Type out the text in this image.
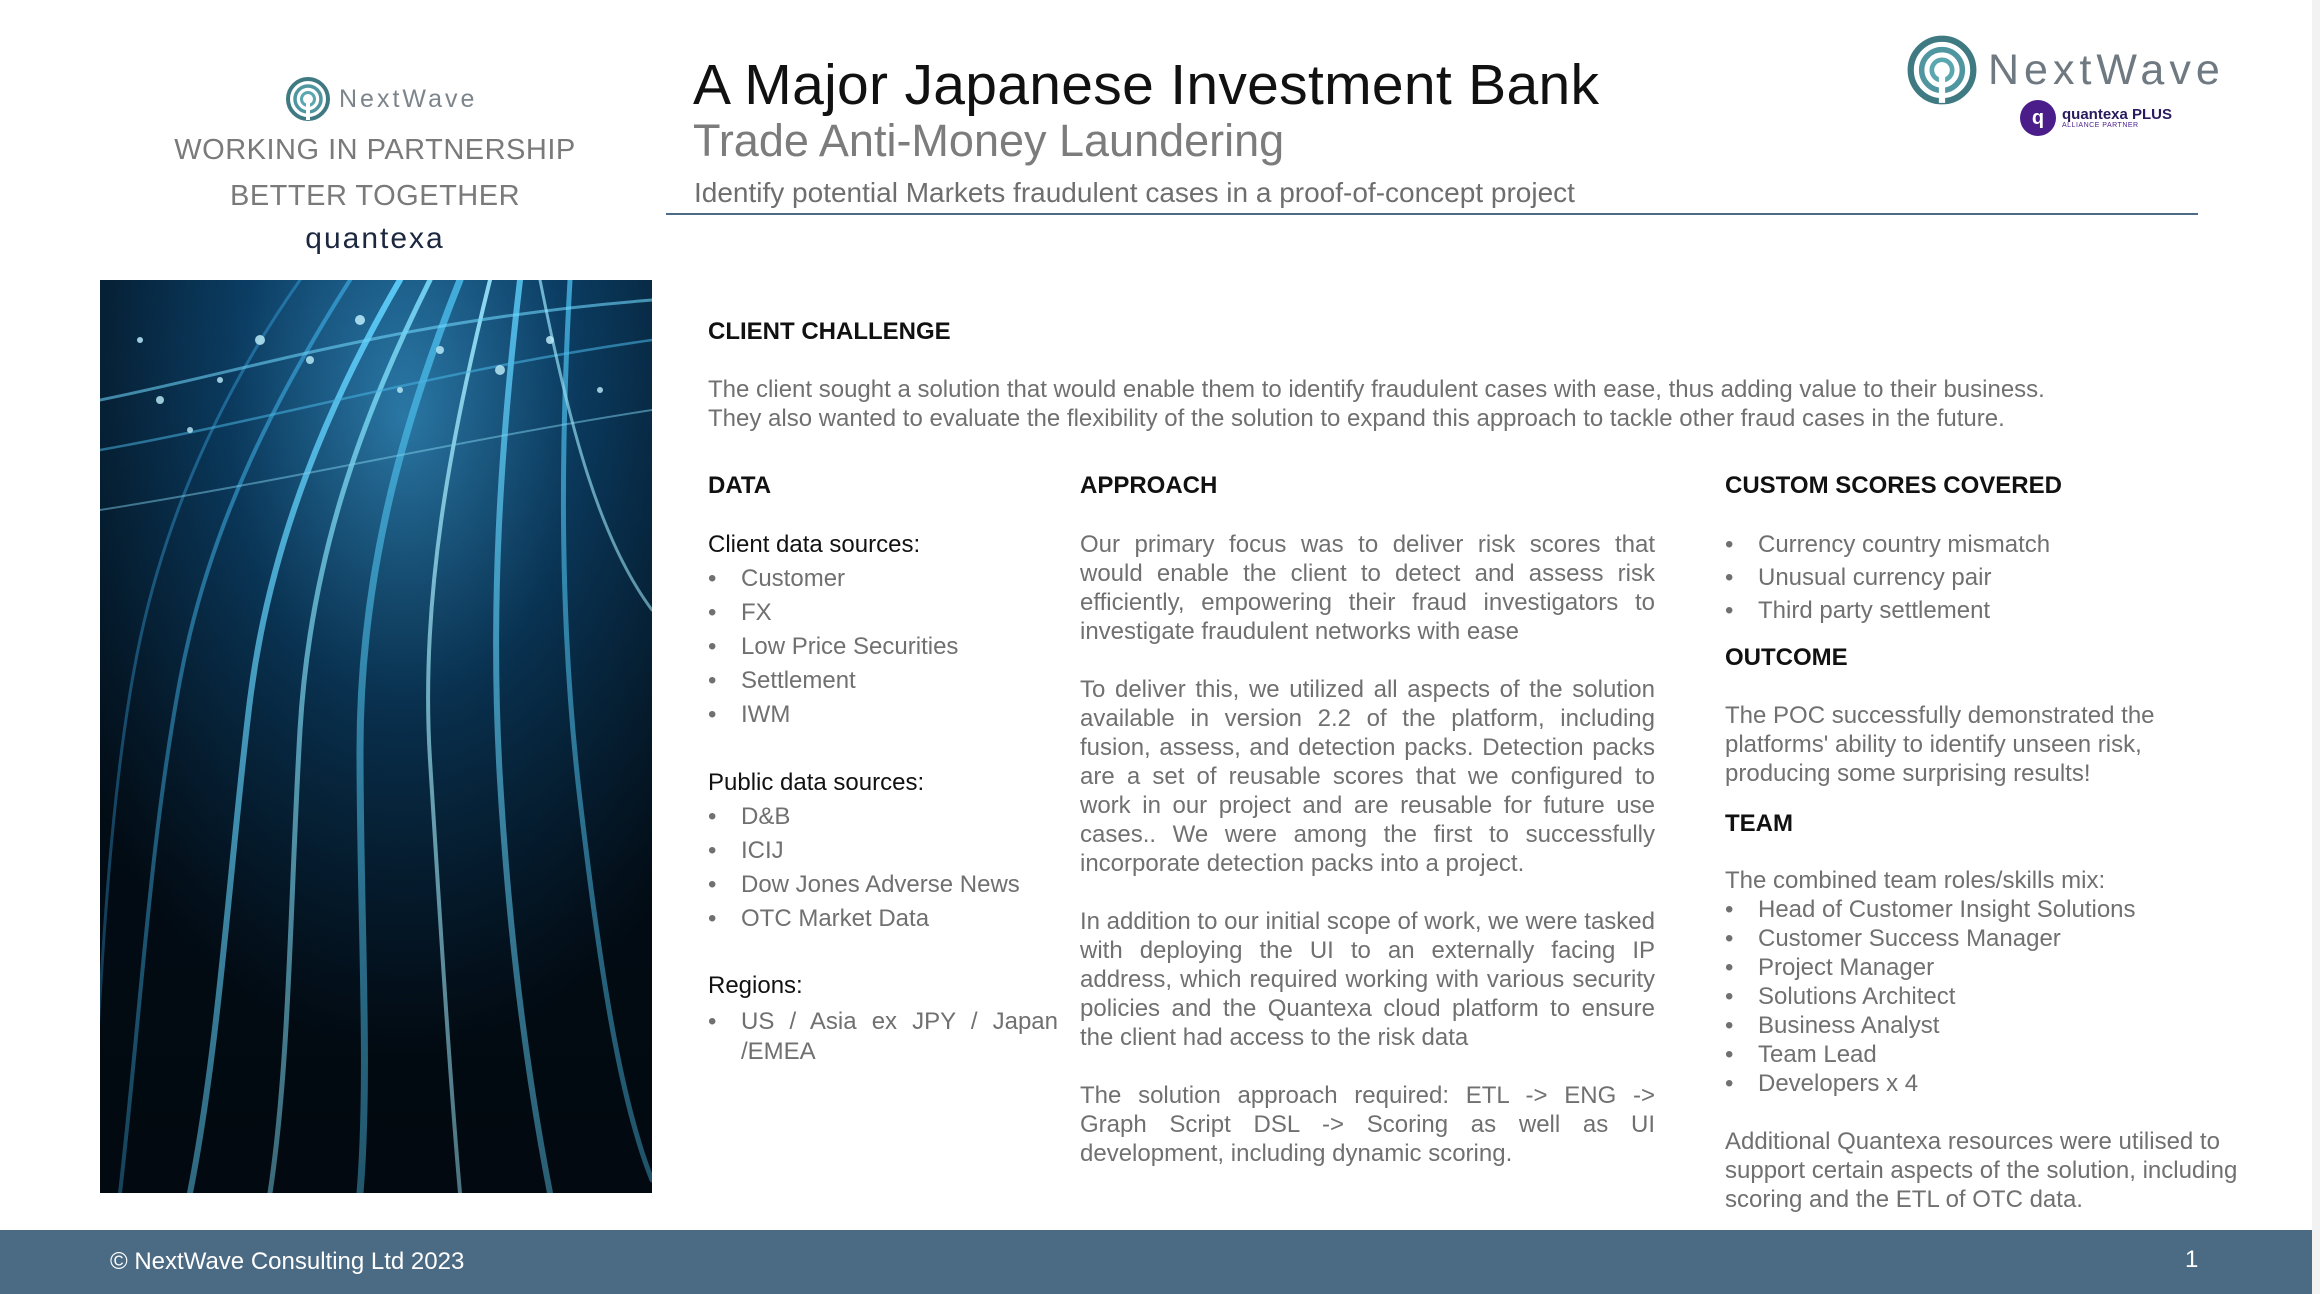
NextWave
WORKING IN PARTNERSHIP
BETTER TOGETHER
quantexa
A Major Japanese Investment Bank
Trade Anti-Money Laundering
Identify potential Markets fraudulent cases in a proof-of-concept project
NextWave
q	quantexa PLUS
ALLIANCE PARTNER
CLIENT CHALLENGE
The client sought a solution that would enable them to identify fraudulent cases with ease, thus adding value to their business.
They also wanted to evaluate the flexibility of the solution to expand this approach to tackle other fraud cases in the future.
DATA
Client data sources:
• Customer
• FX
• Low Price Securities
• Settlement
• IWM
Public data sources:
• D&B
• ICIJ
• Dow Jones Adverse News
• OTC Market Data
Regions:
• US / Asia ex JPY / Japan /EMEA
APPROACH

Our primary focus was to deliver risk scores that would enable the client to detect and assess risk efficiently, empowering their fraud investigators to investigate fraudulent networks with ease

To deliver this, we utilized all aspects of the solution available in version 2.2 of the platform, including fusion, assess, and detection packs. Detection packs are a set of reusable scores that we configured to work in our project and are reusable for future use cases.. We were among the first to successfully incorporate detection packs into a project.

In addition to our initial scope of work, we were tasked with deploying the UI to an externally facing IP address, which required working with various security policies and the Quantexa cloud platform to ensure the client had access to the risk data

The solution approach required: ETL -> ENG -> Graph Script DSL -> Scoring as well as UI development, including dynamic scoring.

CUSTOM SCORES COVERED
• Currency country mismatch
• Unusual currency pair
• Third party settlement
OUTCOME
The POC successfully demonstrated the platforms' ability to identify unseen risk, producing some surprising results!
TEAM
The combined team roles/skills mix:
• Head of Customer Insight Solutions
• Customer Success Manager
• Project Manager
• Solutions Architect
• Business Analyst
• Team Lead
• Developers x 4
Additional Quantexa resources were utilised to support certain aspects of the solution, including scoring and the ETL of OTC data.
© NextWave Consulting Ltd 2023	1
